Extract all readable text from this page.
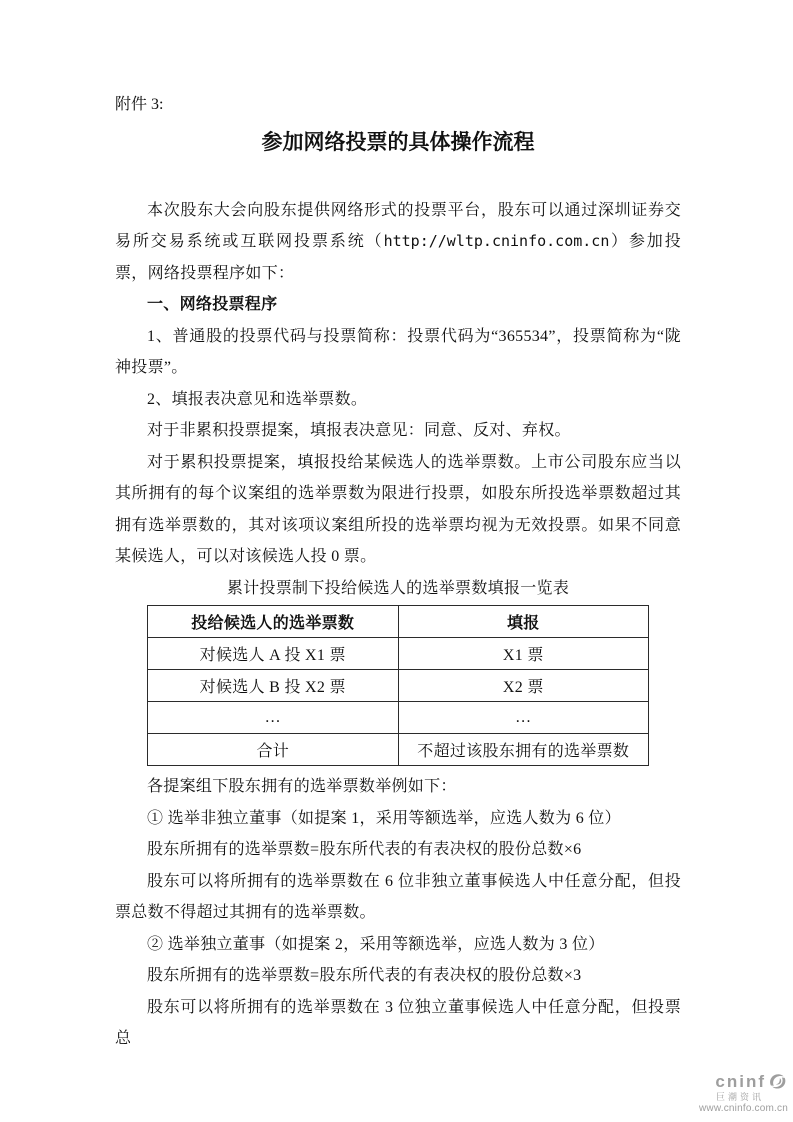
附件 3:

参加网络投票的具体操作流程

本次股东大会向股东提供网络形式的投票平台，股东可以通过深圳证券交易所交易系统或互联网投票系统（http://wltp.cninfo.com.cn）参加投票，网络投票程序如下：

一、网络投票程序

1、普通股的投票代码与投票简称：投票代码为“365534”，投票简称为“陇神投票”。

2、填报表决意见和选举票数。

对于非累积投票提案，填报表决意见：同意、反对、弃权。

对于累积投票提案，填报投给某候选人的选举票数。上市公司股东应当以其所拥有的每个议案组的选举票数为限进行投票，如股东所投选举票数超过其拥有选举票数的，其对该项议案组所投的选举票均视为无效投票。如果不同意某候选人，可以对该候选人投 0 票。

累计投票制下投给候选人的选举票数填报一览表

投给候选人的选举票数	填报
对候选人 A 投 X1 票	X1 票
对候选人 B 投 X2 票	X2 票
…	…
合计	不超过该股东拥有的选举票数

各提案组下股东拥有的选举票数举例如下：

① 选举非独立董事（如提案 1，采用等额选举，应选人数为 6 位）

股东所拥有的选举票数=股东所代表的有表决权的股份总数×6

股东可以将所拥有的选举票数在 6 位非独立董事候选人中任意分配，但投票总数不得超过其拥有的选举票数。

② 选举独立董事（如提案 2，采用等额选举，应选人数为 3 位）

股东所拥有的选举票数=股东所代表的有表决权的股份总数×3

股东可以将所拥有的选举票数在 3 位独立董事候选人中任意分配，但投票总

cninf
巨潮资讯
www.cninfo.com.cn
